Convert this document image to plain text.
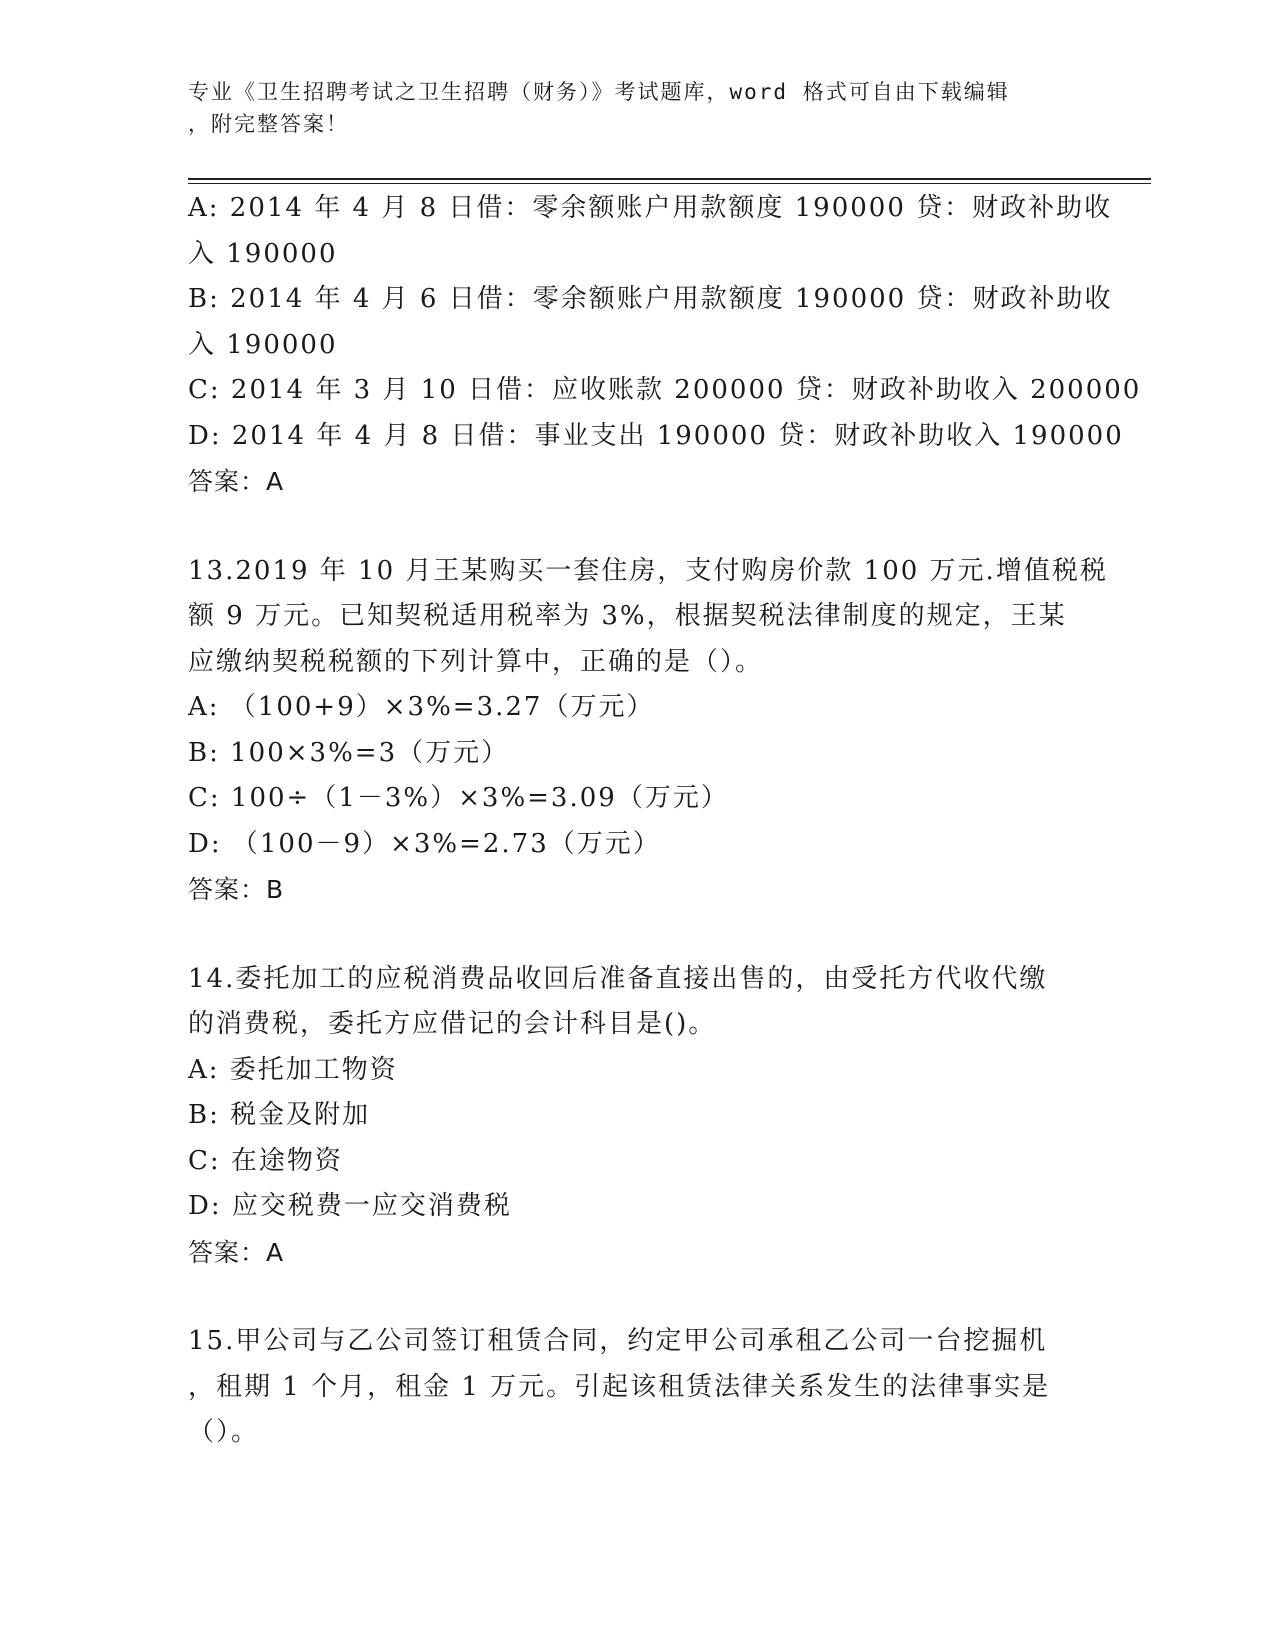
专业《卫生招聘考试之卫生招聘（财务）》考试题库，word 格式可自由下载编辑
，附完整答案！
A: 2014 年 4 月 8 日借：零余额账户用款额度 190000 贷：财政补助收
入 190000
B: 2014 年 4 月 6 日借：零余额账户用款额度 190000 贷：财政补助收
入 190000
C: 2014 年 3 月 10 日借：应收账款 200000 贷：财政补助收入 200000
D: 2014 年 4 月 8 日借：事业支出 190000 贷：财政补助收入 190000
答案：A
13.2019 年 10 月王某购买一套住房，支付购房价款 100 万元.增值税税
额 9 万元。已知契税适用税率为 3%，根据契税法律制度的规定，王某
应缴纳契税税额的下列计算中，正确的是（）。
A: （100+9）×3%=3.27（万元）
B: 100×3%=3（万元）
C: 100÷（1－3%）×3%=3.09（万元）
D: （100－9）×3%=2.73（万元）
答案：B
14.委托加工的应税消费品收回后准备直接出售的，由受托方代收代缴
的消费税，委托方应借记的会计科目是()。
A: 委托加工物资
B: 税金及附加
C: 在途物资
D: 应交税费一应交消费税
答案：A
15.甲公司与乙公司签订租赁合同，约定甲公司承租乙公司一台挖掘机
，租期 1 个月，租金 1 万元。引起该租赁法律关系发生的法律事实是
（）。
